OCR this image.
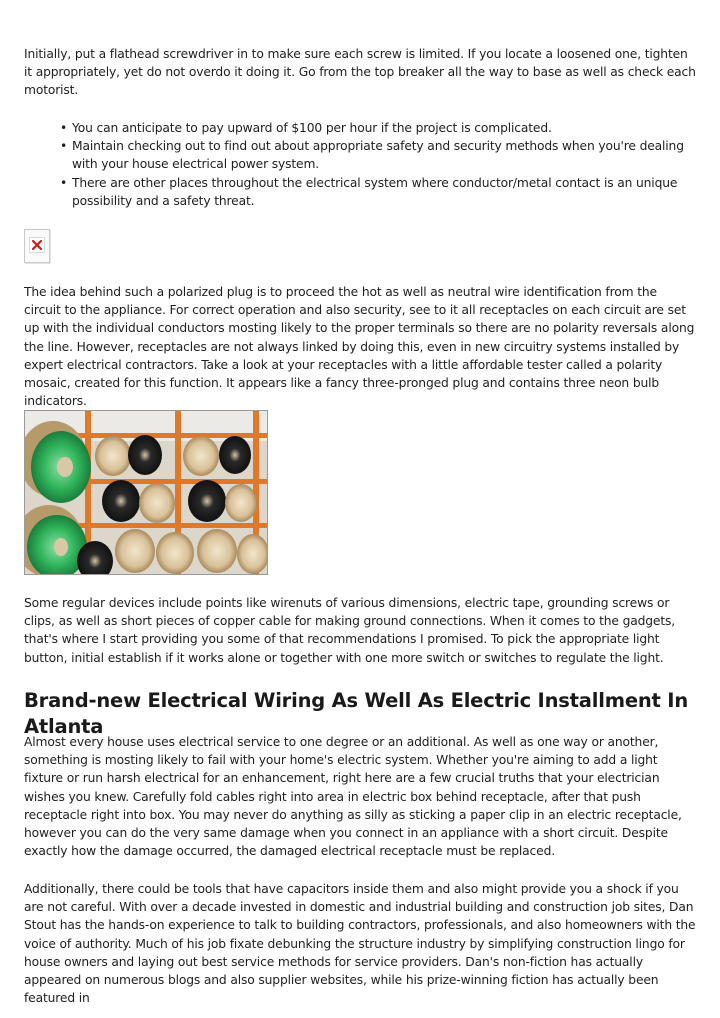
Initially, put a flathead screwdriver in to make sure each screw is limited. If you locate a loosened one, tighten it appropriately, yet do not overdo it doing it. Go from the top breaker all the way to base as well as check each motorist.

• You can anticipate to pay upward of $100 per hour if the project is complicated.
• Maintain checking out to find out about appropriate safety and security methods when you're dealing with your house electrical power system.
• There are other places throughout the electrical system where conductor/metal contact is an unique possibility and a safety threat.

The idea behind such a polarized plug is to proceed the hot as well as neutral wire identification from the circuit to the appliance. For correct operation and also security, see to it all receptacles on each circuit are set up with the individual conductors mosting likely to the proper terminals so there are no polarity reversals along the line. However, receptacles are not always linked by doing this, even in new circuitry systems installed by expert electrical contractors. Take a look at your receptacles with a little affordable tester called a polarity mosaic, created for this function. It appears like a fancy three-pronged plug and contains three neon bulb indicators.

Some regular devices include points like wirenuts of various dimensions, electric tape, grounding screws or clips, as well as short pieces of copper cable for making ground connections. When it comes to the gadgets, that's where I start providing you some of that recommendations I promised. To pick the appropriate light button, initial establish if it works alone or together with one more switch or switches to regulate the light.

Brand-new Electrical Wiring As Well As Electric Installment In Atlanta

Almost every house uses electrical service to one degree or an additional. As well as one way or another, something is mosting likely to fail with your home's electric system. Whether you're aiming to add a light fixture or run harsh electrical for an enhancement, right here are a few crucial truths that your electrician wishes you knew. Carefully fold cables right into area in electric box behind receptacle, after that push receptacle right into box. You may never do anything as silly as sticking a paper clip in an electric receptacle, however you can do the very same damage when you connect in an appliance with a short circuit. Despite exactly how the damage occurred, the damaged electrical receptacle must be replaced.

Additionally, there could be tools that have capacitors inside them and also might provide you a shock if you are not careful. With over a decade invested in domestic and industrial building and construction job sites, Dan Stout has the hands-on experience to talk to building contractors, professionals, and also homeowners with the voice of authority. Much of his job fixate debunking the structure industry by simplifying construction lingo for house owners and laying out best service methods for service providers. Dan's non-fiction has actually appeared on numerous blogs and also supplier websites, while his prize-winning fiction has actually been featured in
